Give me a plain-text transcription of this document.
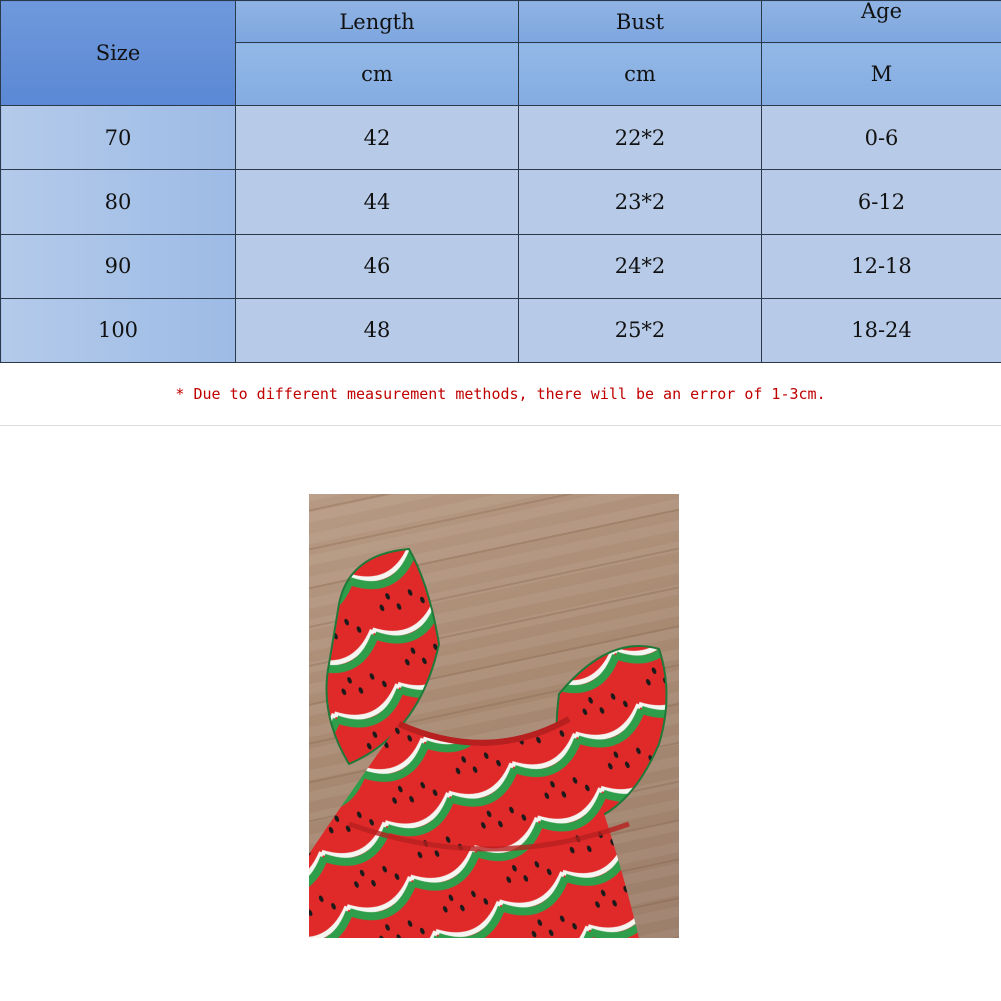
Size	Length	Bust	Age

	cm	cm	M
70	42	22*2	0-6
80	44	23*2	6-12
90	46	24*2	12-18
100	48	25*2	18-24
* Due to different measurement methods, there will be an error of 1-3cm.
